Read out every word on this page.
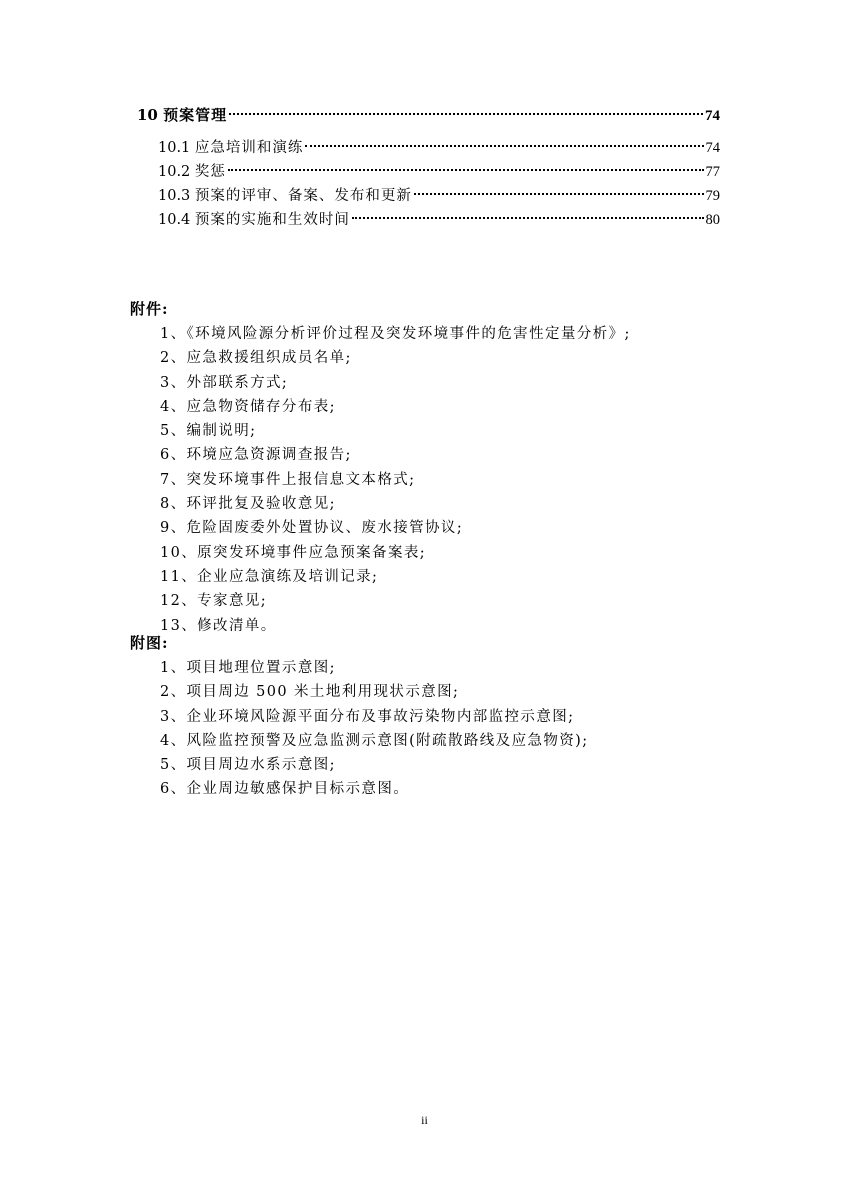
10 预案管理	74
10.1 应急培训和演练	74
10.2 奖惩	77
10.3 预案的评审、备案、发布和更新	79
10.4 预案的实施和生效时间	80
附件:
1、《环境风险源分析评价过程及突发环境事件的危害性定量分析》;
2、应急救援组织成员名单;
3、外部联系方式;
4、应急物资储存分布表;
5、编制说明;
6、环境应急资源调查报告;
7、突发环境事件上报信息文本格式;
8、环评批复及验收意见;
9、危险固废委外处置协议、废水接管协议;
10、原突发环境事件应急预案备案表;
11、企业应急演练及培训记录;
12、专家意见;
13、修改清单。
附图:
1、项目地理位置示意图;
2、项目周边 500 米土地利用现状示意图;
3、企业环境风险源平面分布及事故污染物内部监控示意图;
4、风险监控预警及应急监测示意图(附疏散路线及应急物资);
5、项目周边水系示意图;
6、企业周边敏感保护目标示意图。
ii
